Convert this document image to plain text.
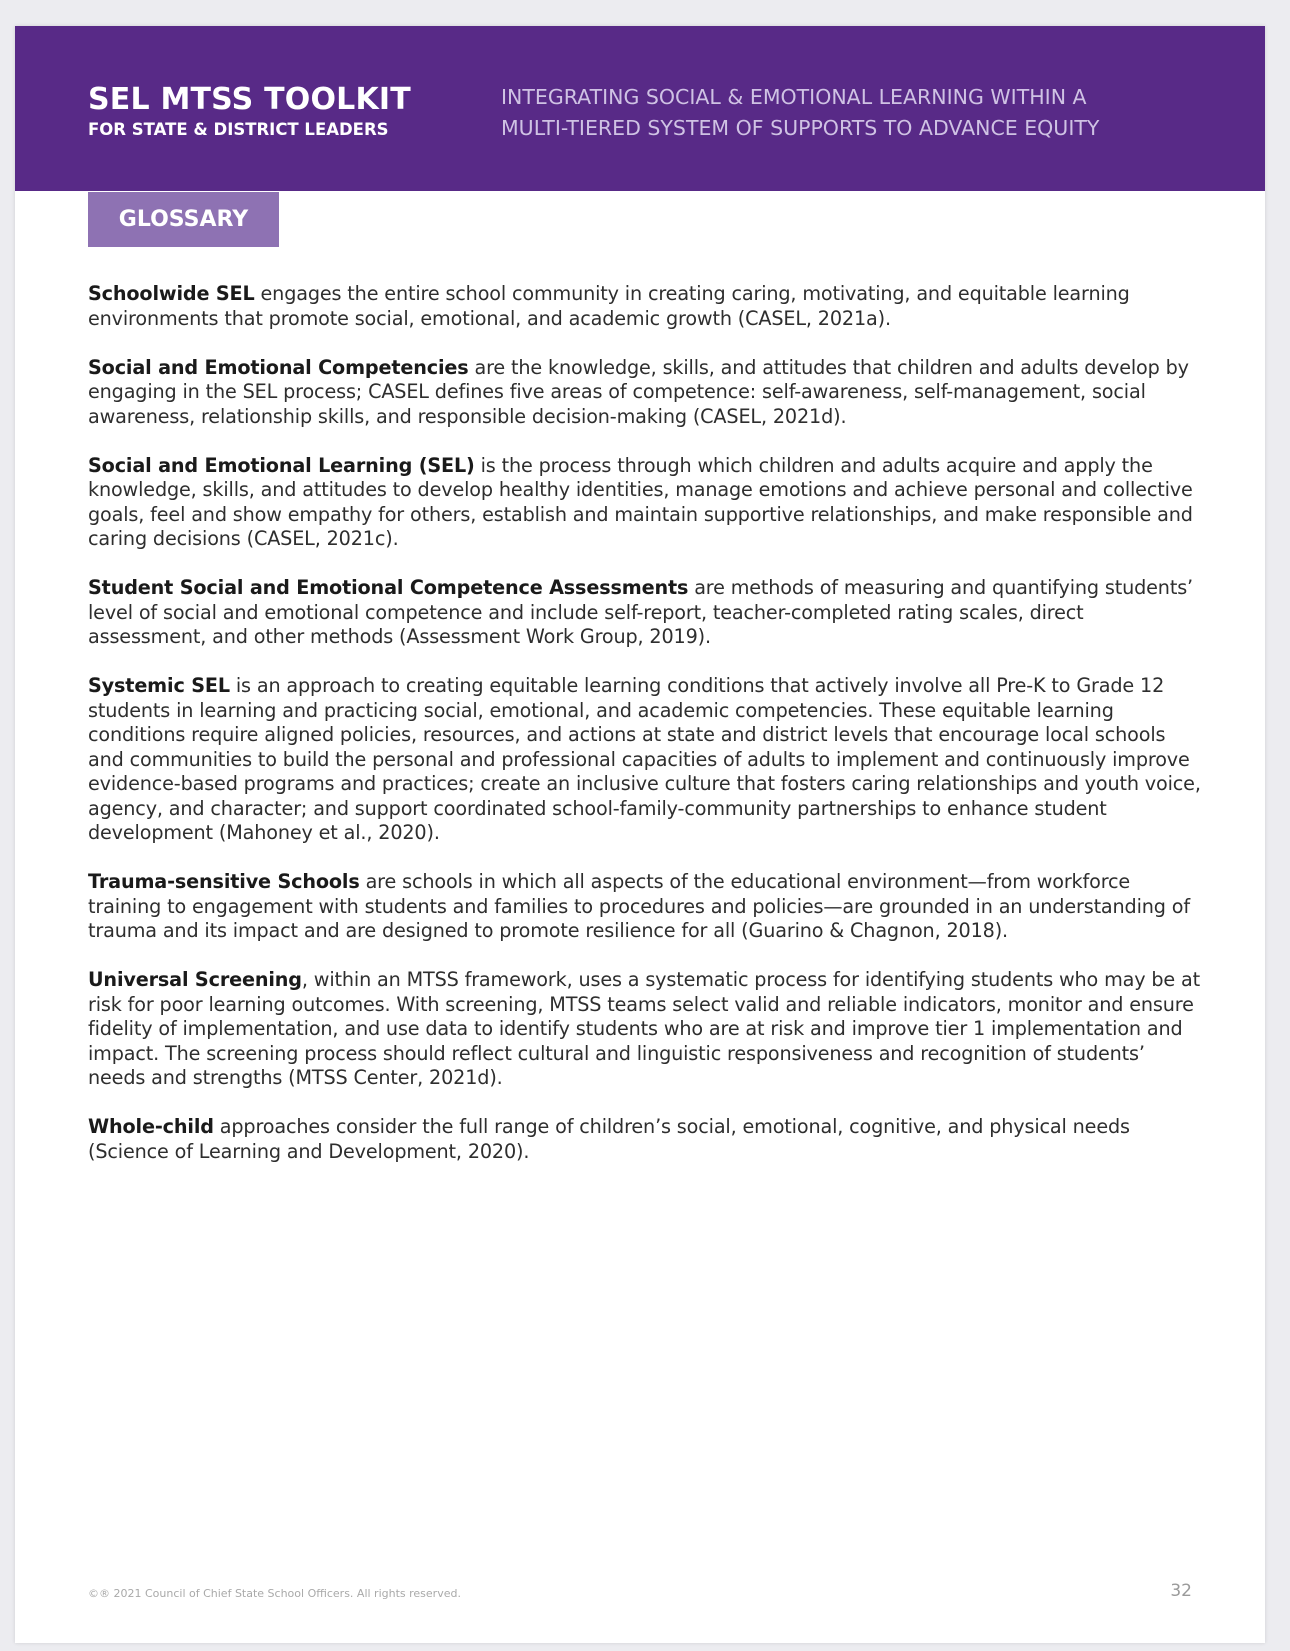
SEL MTSS TOOLKIT
FOR STATE & DISTRICT LEADERS
INTEGRATING SOCIAL & EMOTIONAL LEARNING WITHIN A
MULTI-TIERED SYSTEM OF SUPPORTS TO ADVANCE EQUITY
GLOSSARY

Schoolwide SEL engages the entire school community in creating caring, motivating, and equitable learning environments that promote social, emotional, and academic growth (CASEL, 2021a).

Social and Emotional Competencies are the knowledge, skills, and attitudes that children and adults develop by engaging in the SEL process; CASEL defines five areas of competence: self-awareness, self-management, social awareness, relationship skills, and responsible decision-making (CASEL, 2021d).

Social and Emotional Learning (SEL) is the process through which children and adults acquire and apply the knowledge, skills, and attitudes to develop healthy identities, manage emotions and achieve personal and collective goals, feel and show empathy for others, establish and maintain supportive relationships, and make responsible and caring decisions (CASEL, 2021c).

Student Social and Emotional Competence Assessments are methods of measuring and quantifying students’ level of social and emotional competence and include self-report, teacher-completed rating scales, direct assessment, and other methods (Assessment Work Group, 2019).

Systemic SEL is an approach to creating equitable learning conditions that actively involve all Pre-K to Grade 12 students in learning and practicing social, emotional, and academic competencies. These equitable learning conditions require aligned policies, resources, and actions at state and district levels that encourage local schools and communities to build the personal and professional capacities of adults to implement and continuously improve evidence-based programs and practices; create an inclusive culture that fosters caring relationships and youth voice, agency, and character; and support coordinated school-family-community partnerships to enhance student development (Mahoney et al., 2020).

Trauma-sensitive Schools are schools in which all aspects of the educational environment—from workforce training to engagement with students and families to procedures and policies—are grounded in an understanding of trauma and its impact and are designed to promote resilience for all (Guarino & Chagnon, 2018).

Universal Screening, within an MTSS framework, uses a systematic process for identifying students who may be at risk for poor learning outcomes. With screening, MTSS teams select valid and reliable indicators, monitor and ensure fidelity of implementation, and use data to identify students who are at risk and improve tier 1 implementation and impact. The screening process should reflect cultural and linguistic responsiveness and recognition of students’ needs and strengths (MTSS Center, 2021d).

Whole-child approaches consider the full range of children’s social, emotional, cognitive, and physical needs (Science of Learning and Development, 2020).

©® 2021 Council of Chief State School Officers. All rights reserved.	32
